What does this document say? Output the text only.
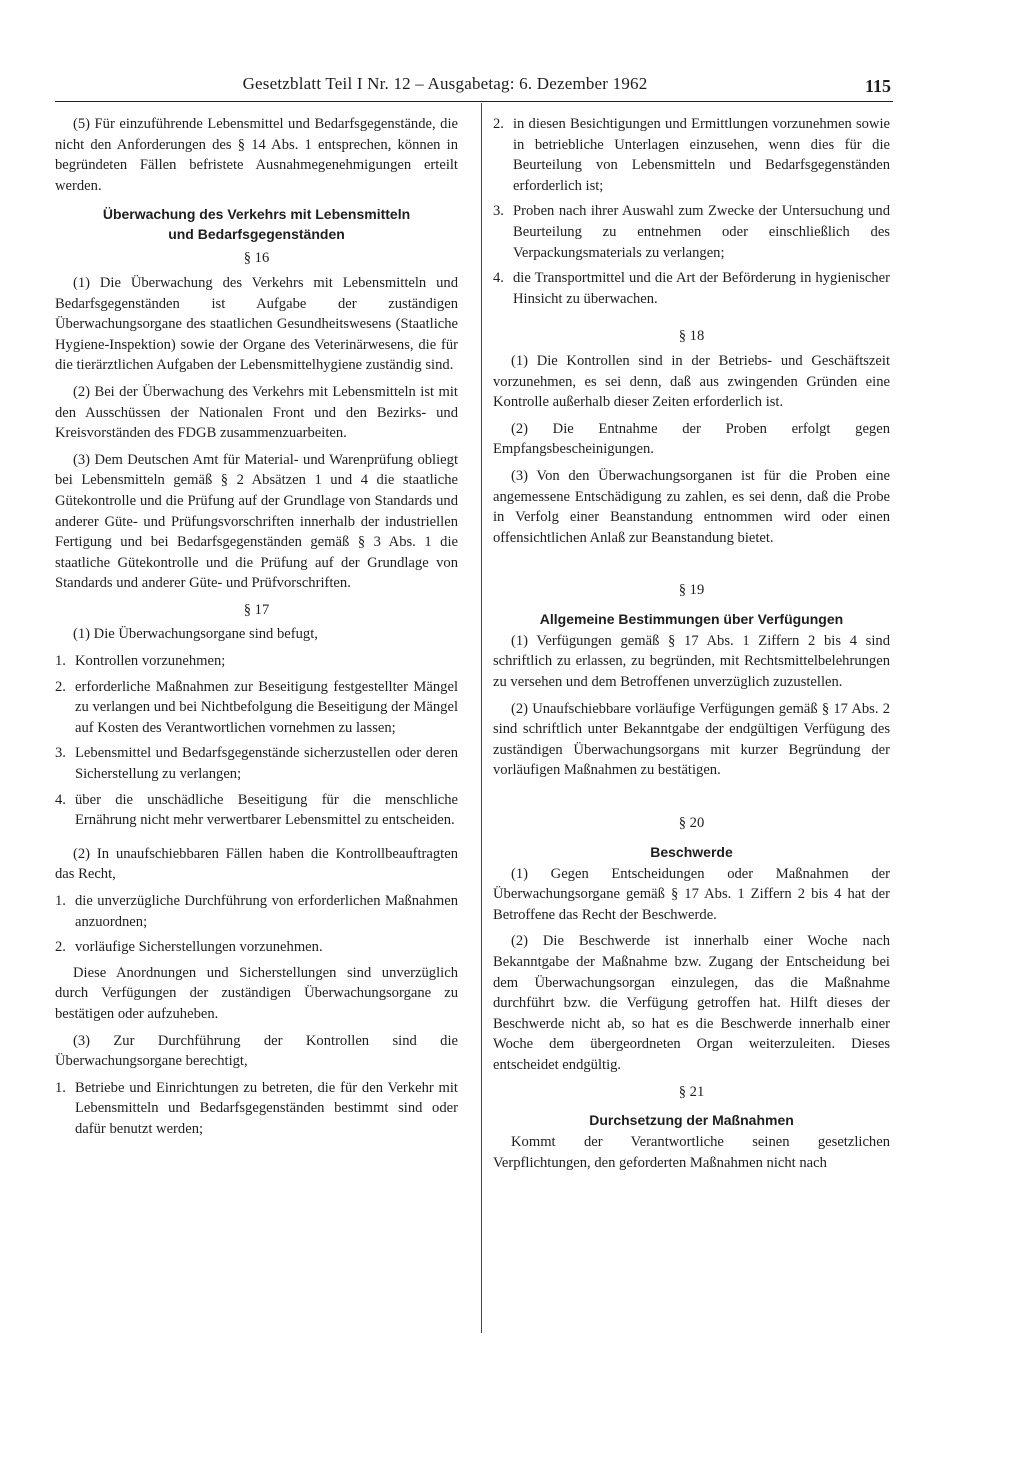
Gesetzblatt Teil I Nr. 12 – Ausgabetag: 6. Dezember 1962	115

(5) Für einzuführende Lebensmittel und Bedarfsgegenstände, die nicht den Anforderungen des § 14 Abs. 1 entsprechen, können in begründeten Fällen befristete Ausnahmegenehmigungen erteilt werden.

Überwachung des Verkehrs mit Lebensmitteln
und Bedarfsgegenständen
§ 16

(1) Die Überwachung des Verkehrs mit Lebensmitteln und Bedarfsgegenständen ist Aufgabe der zuständigen Überwachungsorgane des staatlichen Gesundheitswesens (Staatliche Hygiene-Inspektion) sowie der Organe des Veterinärwesens, die für die tierärztlichen Aufgaben der Lebensmittelhygiene zuständig sind.

(2) Bei der Überwachung des Verkehrs mit Lebensmitteln ist mit den Ausschüssen der Nationalen Front und den Bezirks- und Kreisvorständen des FDGB zusammenzuarbeiten.

(3) Dem Deutschen Amt für Material- und Warenprüfung obliegt bei Lebensmitteln gemäß § 2 Absätzen 1 und 4 die staatliche Gütekontrolle und die Prüfung auf der Grundlage von Standards und anderer Güte- und Prüfungsvorschriften innerhalb der industriellen Fertigung und bei Bedarfsgegenständen gemäß § 3 Abs. 1 die staatliche Gütekontrolle und die Prüfung auf der Grundlage von Standards und anderer Güte- und Prüfvorschriften.

§ 17

(1) Die Überwachungsorgane sind befugt,

1. Kontrollen vorzunehmen;
2. erforderliche Maßnahmen zur Beseitigung festgestellter Mängel zu verlangen und bei Nichtbefolgung die Beseitigung der Mängel auf Kosten des Verantwortlichen vornehmen zu lassen;
3. Lebensmittel und Bedarfsgegenstände sicherzustellen oder deren Sicherstellung zu verlangen;
4. über die unschädliche Beseitigung für die menschliche Ernährung nicht mehr verwertbarer Lebensmittel zu entscheiden.

(2) In unaufschiebbaren Fällen haben die Kontrollbeauftragten das Recht,

1. die unverzügliche Durchführung von erforderlichen Maßnahmen anzuordnen;
2. vorläufige Sicherstellungen vorzunehmen.

Diese Anordnungen und Sicherstellungen sind unverzüglich durch Verfügungen der zuständigen Überwachungsorgane zu bestätigen oder aufzuheben.

(3) Zur Durchführung der Kontrollen sind die Überwachungsorgane berechtigt,

1. Betriebe und Einrichtungen zu betreten, die für den Verkehr mit Lebensmitteln und Bedarfsgegenständen bestimmt sind oder dafür benutzt werden;
2. in diesen Besichtigungen und Ermittlungen vorzunehmen sowie in betriebliche Unterlagen einzusehen, wenn dies für die Beurteilung von Lebensmitteln und Bedarfsgegenständen erforderlich ist;
3. Proben nach ihrer Auswahl zum Zwecke der Untersuchung und Beurteilung zu entnehmen oder einschließlich des Verpackungsmaterials zu verlangen;
4. die Transportmittel und die Art der Beförderung in hygienischer Hinsicht zu überwachen.
§ 18

(1) Die Kontrollen sind in der Betriebs- und Geschäftszeit vorzunehmen, es sei denn, daß aus zwingenden Gründen eine Kontrolle außerhalb dieser Zeiten erforderlich ist.

(2) Die Entnahme der Proben erfolgt gegen Empfangsbescheinigungen.

(3) Von den Überwachungsorganen ist für die Proben eine angemessene Entschädigung zu zahlen, es sei denn, daß die Probe in Verfolg einer Beanstandung entnommen wird oder einen offensichtlichen Anlaß zur Beanstandung bietet.

§ 19
Allgemeine Bestimmungen über Verfügungen

(1) Verfügungen gemäß § 17 Abs. 1 Ziffern 2 bis 4 sind schriftlich zu erlassen, zu begründen, mit Rechtsmittelbelehrungen zu versehen und dem Betroffenen unverzüglich zuzustellen.

(2) Unaufschiebbare vorläufige Verfügungen gemäß § 17 Abs. 2 sind schriftlich unter Bekanntgabe der endgültigen Verfügung des zuständigen Überwachungsorgans mit kurzer Begründung der vorläufigen Maßnahmen zu bestätigen.

§ 20
Beschwerde

(1) Gegen Entscheidungen oder Maßnahmen der Überwachungsorgane gemäß § 17 Abs. 1 Ziffern 2 bis 4 hat der Betroffene das Recht der Beschwerde.

(2) Die Beschwerde ist innerhalb einer Woche nach Bekanntgabe der Maßnahme bzw. Zugang der Entscheidung bei dem Überwachungsorgan einzulegen, das die Maßnahme durchführt bzw. die Verfügung getroffen hat. Hilft dieses der Beschwerde nicht ab, so hat es die Beschwerde innerhalb einer Woche dem übergeordneten Organ weiterzuleiten. Dieses entscheidet endgültig.

§ 21
Durchsetzung der Maßnahmen

Kommt der Verantwortliche seinen gesetzlichen Verpflichtungen, den geforderten Maßnahmen nicht nach
